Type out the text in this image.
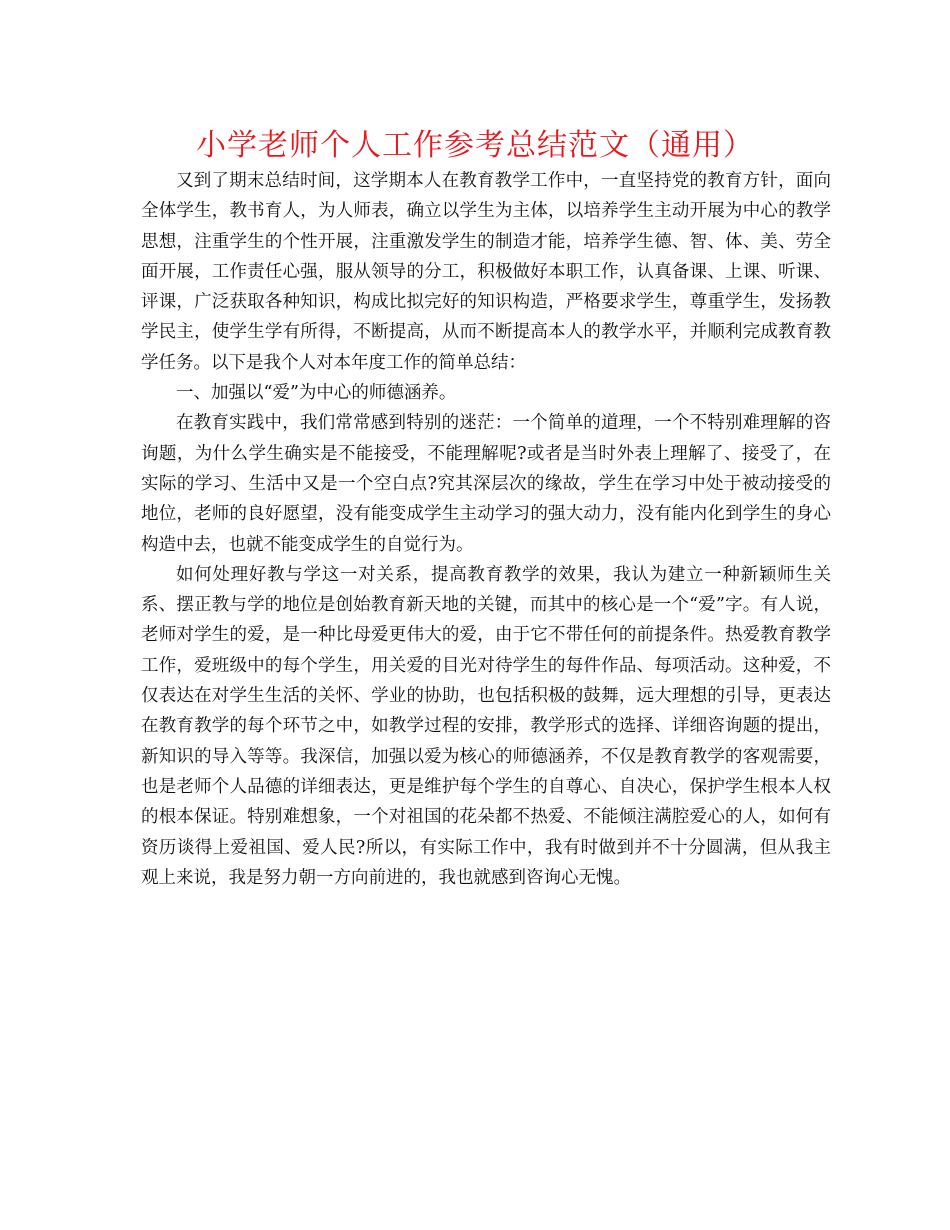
小学老师个人工作参考总结范文（通用）

又到了期末总结时间，这学期本人在教育教学工作中，一直坚持党的教育方针，面向全体学生，教书育人，为人师表，确立以学生为主体，以培养学生主动开展为中心的教学思想，注重学生的个性开展，注重激发学生的制造才能，培养学生德、智、体、美、劳全面开展，工作责任心强，服从领导的分工，积极做好本职工作，认真备课、上课、听课、评课，广泛获取各种知识，构成比拟完好的知识构造，严格要求学生，尊重学生，发扬教学民主，使学生学有所得，不断提高，从而不断提高本人的教学水平，并顺利完成教育教学任务。以下是我个人对本年度工作的简单总结：

一、加强以“爱”为中心的师德涵养。

在教育实践中，我们常常感到特别的迷茫：一个简单的道理，一个不特别难理解的咨询题，为什么学生确实是不能接受，不能理解呢?或者是当时外表上理解了、接受了，在实际的学习、生活中又是一个空白点?究其深层次的缘故，学生在学习中处于被动接受的地位，老师的良好愿望，没有能变成学生主动学习的强大动力，没有能内化到学生的身心构造中去，也就不能变成学生的自觉行为。

如何处理好教与学这一对关系，提高教育教学的效果，我认为建立一种新颖师生关系、摆正教与学的地位是创始教育新天地的关键，而其中的核心是一个“爱”字。有人说，老师对学生的爱，是一种比母爱更伟大的爱，由于它不带任何的前提条件。热爱教育教学工作，爱班级中的每个学生，用关爱的目光对待学生的每件作品、每项活动。这种爱，不仅表达在对学生生活的关怀、学业的协助，也包括积极的鼓舞，远大理想的引导，更表达在教育教学的每个环节之中，如教学过程的安排，教学形式的选择、详细咨询题的提出，新知识的导入等等。我深信，加强以爱为核心的师德涵养，不仅是教育教学的客观需要，也是老师个人品德的详细表达，更是维护每个学生的自尊心、自决心，保护学生根本人权的根本保证。特别难想象，一个对祖国的花朵都不热爱、不能倾注满腔爱心的人，如何有资历谈得上爱祖国、爱人民?所以，有实际工作中，我有时做到并不十分圆满，但从我主观上来说，我是努力朝一方向前进的，我也就感到咨询心无愧。
